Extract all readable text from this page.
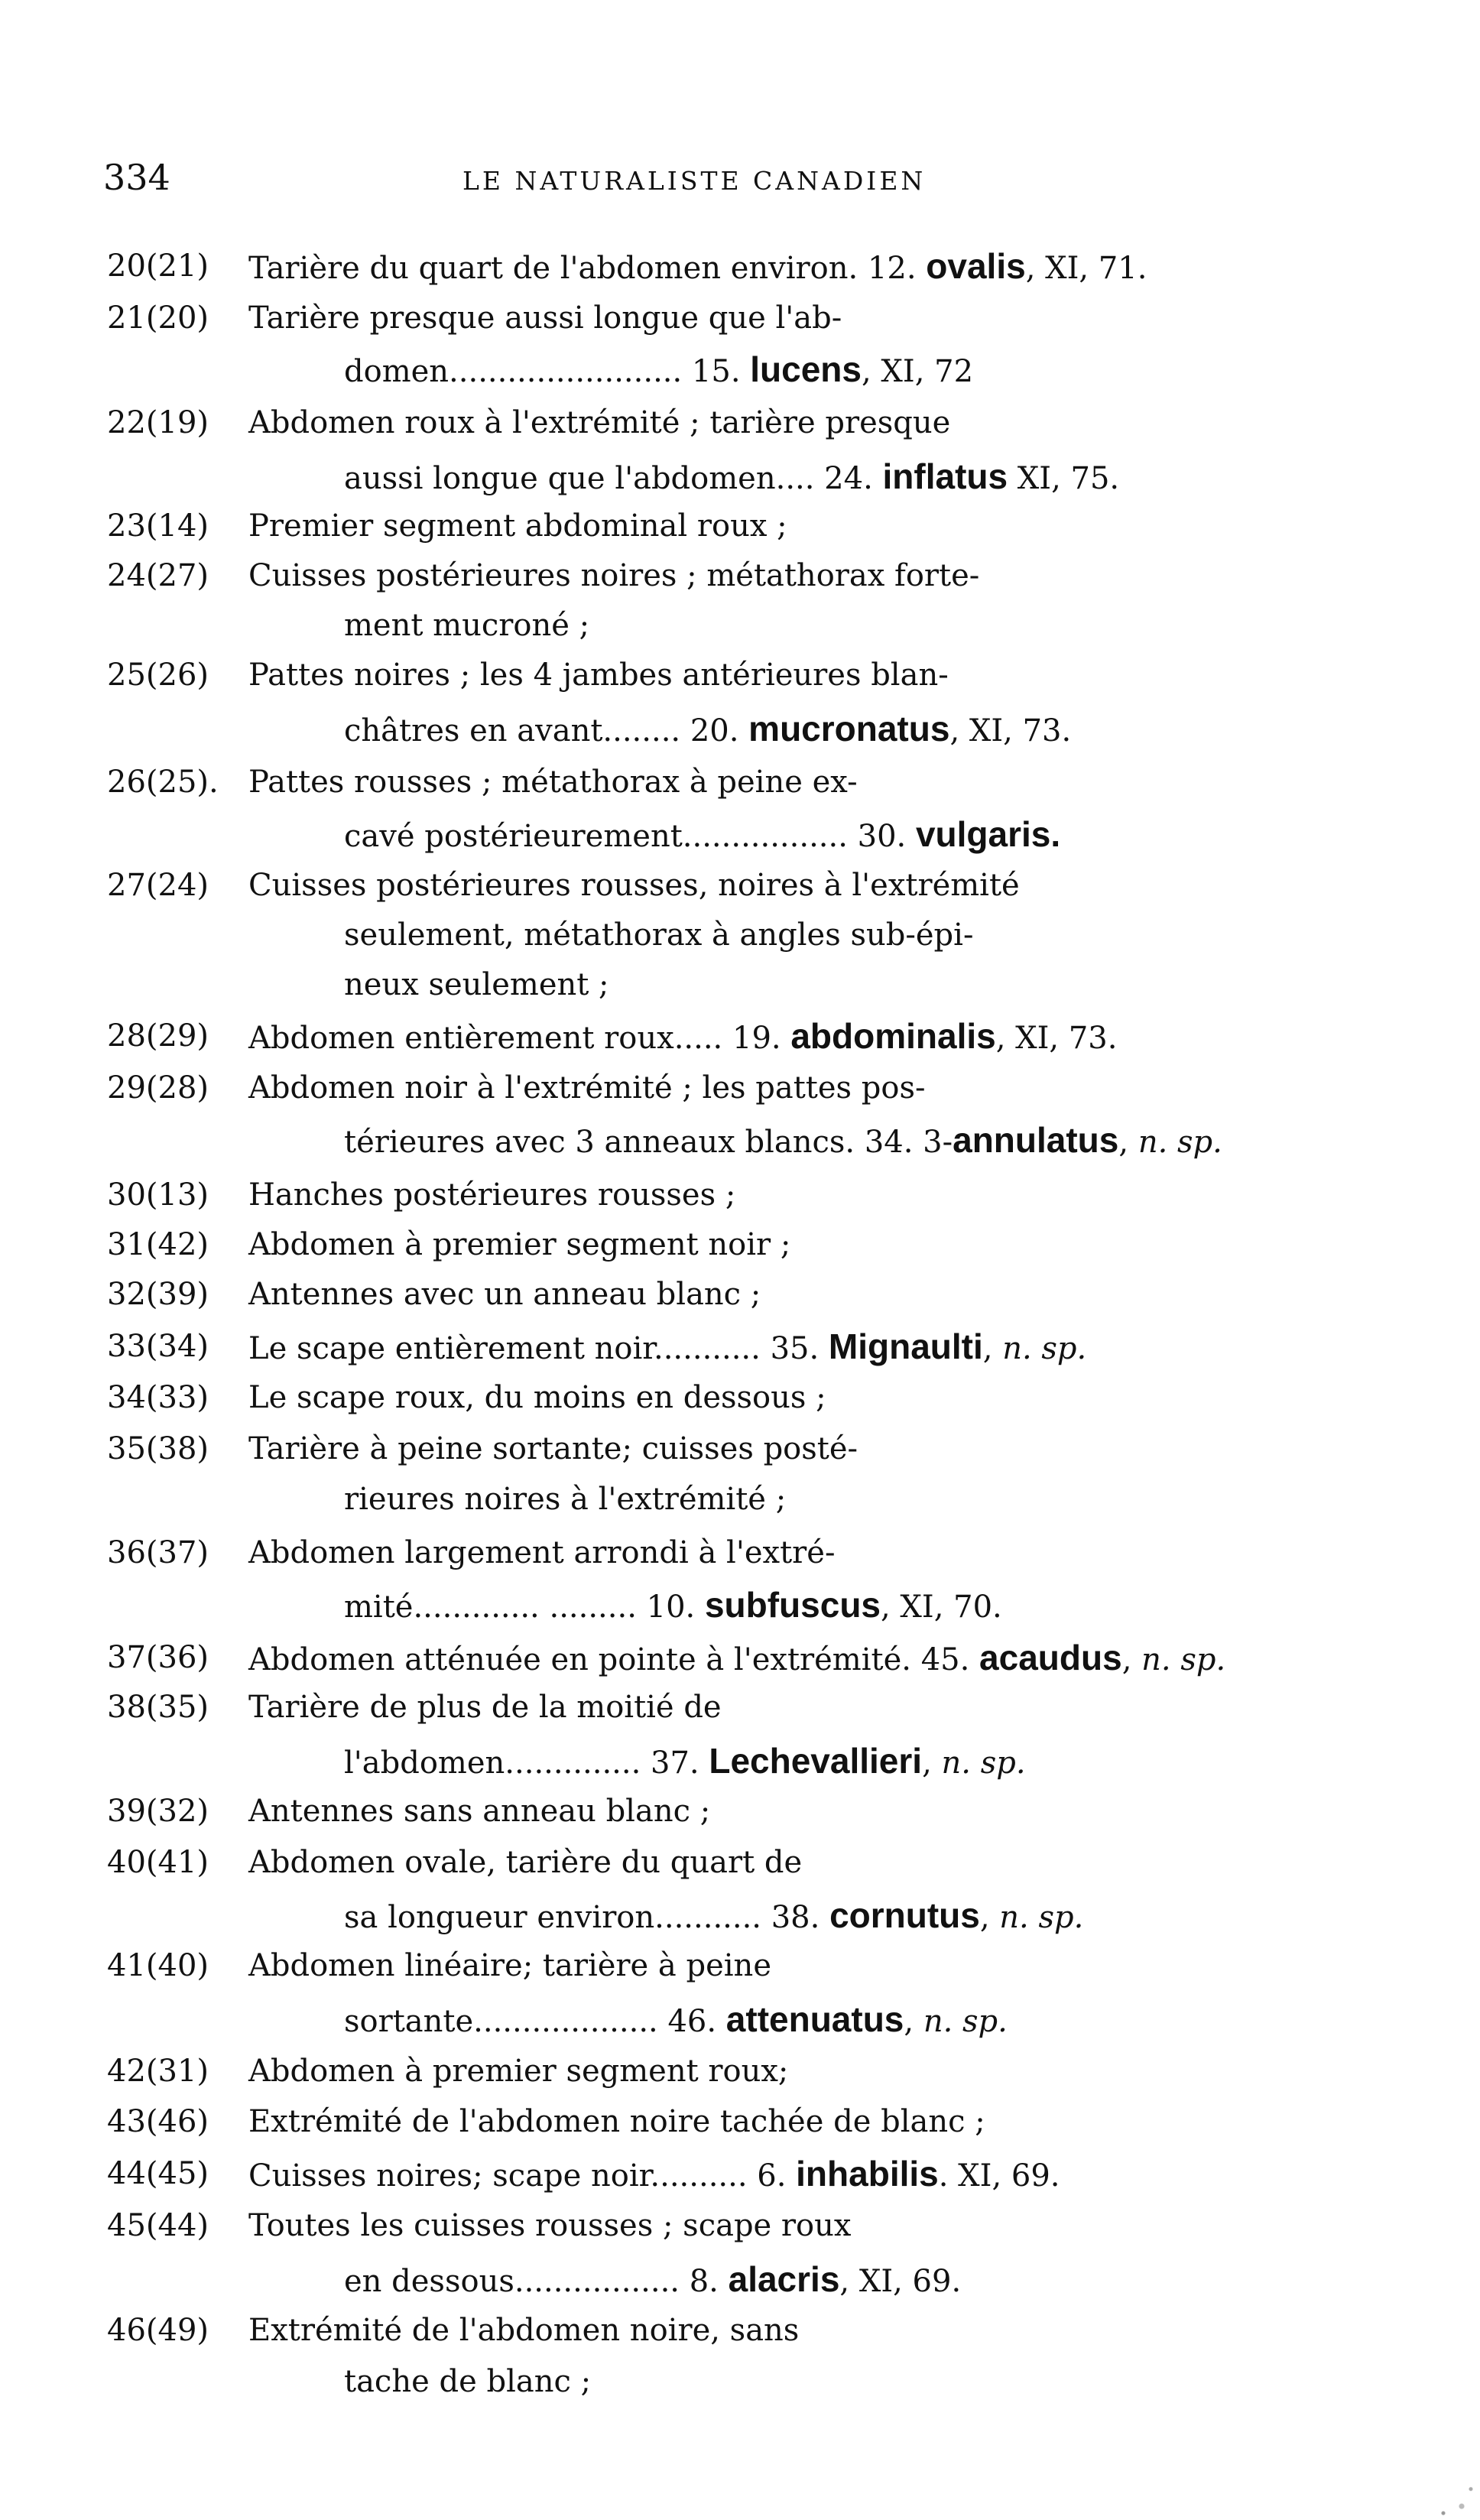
334	LE NATURALISTE CANADIEN
20(21) Tarière du quart de l'abdomen environ. 12. ovalis, XI, 71.
21(20) Tarière presque aussi longue que l'ab-
domen........................ 15. lucens, XI, 72
22(19) Abdomen roux à l'extrémité ; tarière presque
aussi longue que l'abdomen.... 24. inflatus XI, 75.
23(14) Premier segment abdominal roux ;
24(27) Cuisses postérieures noires ; métathorax forte-
ment mucroné ;
25(26) Pattes noires ; les 4 jambes antérieures blan-
châtres en avant........ 20. mucronatus, XI, 73.
26(25). Pattes rousses ; métathorax à peine ex-
cavé postérieurement................. 30. vulgaris.
27(24) Cuisses postérieures rousses, noires à l'extrémité
seulement, métathorax à angles sub-épi-
neux seulement ;
28(29) Abdomen entièrement roux..... 19. abdominalis, XI, 73.
29(28) Abdomen noir à l'extrémité ; les pattes pos-
térieures avec 3 anneaux blancs. 34. 3-annulatus, n. sp.
30(13) Hanches postérieures rousses ;
31(42) Abdomen à premier segment noir ;
32(39) Antennes avec un anneau blanc ;
33(34) Le scape entièrement noir........... 35. Mignaulti, n. sp.
34(33) Le scape roux, du moins en dessous ;
35(38) Tarière à peine sortante; cuisses posté-
rieures noires à l'extrémité ;
36(37) Abdomen largement arrondi à l'extré-
mité............. ......... 10. subfuscus, XI, 70.
37(36) Abdomen atténuée en pointe à l'extrémité. 45. acaudus, n. sp.
38(35) Tarière de plus de la moitié de
l'abdomen.............. 37. Lechevallieri, n. sp.
39(32) Antennes sans anneau blanc ;
40(41) Abdomen ovale, tarière du quart de
sa longueur environ........... 38. cornutus, n. sp.
41(40) Abdomen linéaire; tarière à peine
sortante................... 46. attenuatus, n. sp.
42(31) Abdomen à premier segment roux;
43(46) Extrémité de l'abdomen noire tachée de blanc ;
44(45) Cuisses noires; scape noir.......... 6. inhabilis. XI, 69.
45(44) Toutes les cuisses rousses ; scape roux
en dessous................. 8. alacris, XI, 69.
46(49) Extrémité de l'abdomen noire, sans
tache de blanc ;
